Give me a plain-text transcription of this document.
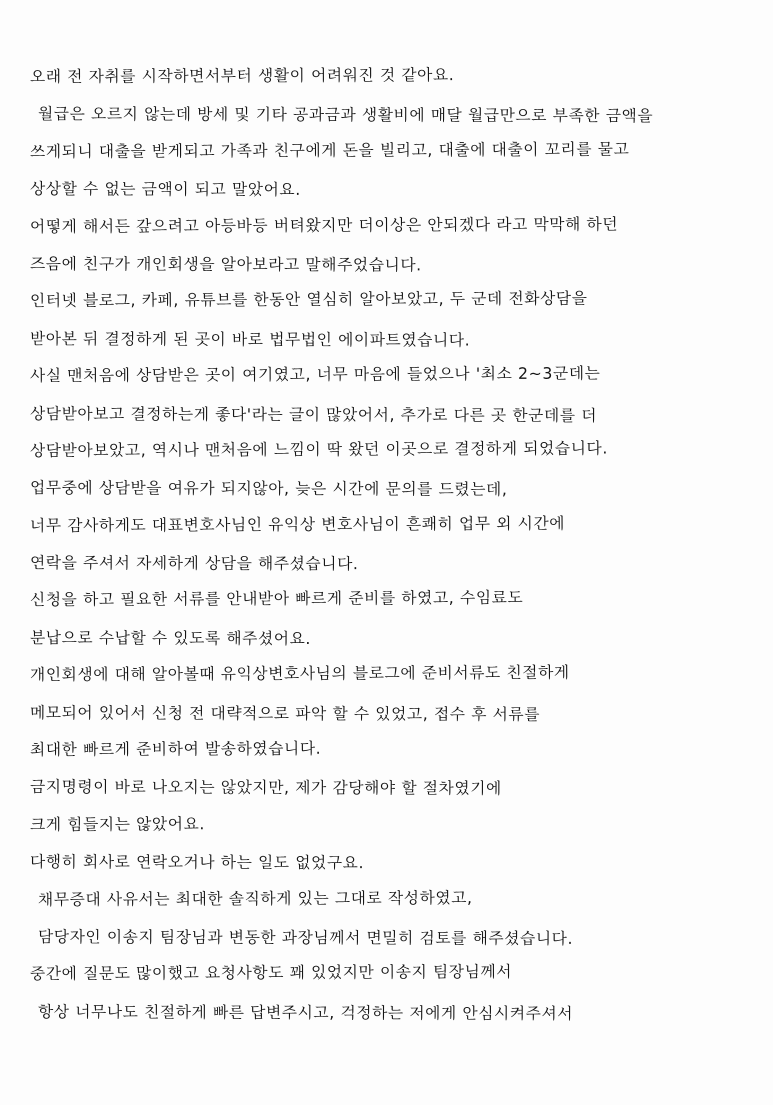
오래 전 자취를 시작하면서부터 생활이 어려워진 것 같아요.
월급은 오르지 않는데 방세 및 기타 공과금과 생활비에 매달 월급만으로 부족한 금액을
쓰게되니 대출을 받게되고 가족과 친구에게 돈을 빌리고, 대출에 대출이 꼬리를 물고
상상할 수 없는 금액이 되고 말았어요.
어떻게 해서든 갚으려고 아등바등 버텨왔지만 더이상은 안되겠다 라고 막막해 하던
즈음에 친구가 개인회생을 알아보라고 말해주었습니다.
인터넷 블로그, 카페, 유튜브를 한동안 열심히 알아보았고, 두 군데 전화상담을
받아본 뒤 결정하게 된 곳이 바로 법무법인 에이파트였습니다.
사실 맨처음에 상담받은 곳이 여기였고, 너무 마음에 들었으나 '최소 2~3군데는
상담받아보고 결정하는게 좋다'라는 글이 많았어서, 추가로 다른 곳 한군데를 더
상담받아보았고, 역시나 맨처음에 느낌이 딱 왔던 이곳으로 결정하게 되었습니다.
업무중에 상담받을 여유가 되지않아, 늦은 시간에 문의를 드렸는데,
너무 감사하게도 대표변호사님인 유익상 변호사님이 흔쾌히 업무 외 시간에
연락을 주셔서 자세하게 상담을 해주셨습니다.
신청을 하고 필요한 서류를 안내받아 빠르게 준비를 하였고, 수임료도
분납으로 수납할 수 있도록 해주셨어요.
개인회생에 대해 알아볼때 유익상변호사님의 블로그에 준비서류도 친절하게
메모되어 있어서 신청 전 대략적으로 파악 할 수 있었고, 접수 후 서류를
최대한 빠르게 준비하여 발송하였습니다.
금지명령이 바로 나오지는 않았지만, 제가 감당해야 할 절차였기에
크게 힘들지는 않았어요.
다행히 회사로 연락오거나 하는 일도 없었구요.
채무증대 사유서는 최대한 솔직하게 있는 그대로 작성하였고,
담당자인 이송지 팀장님과 변동한 과장님께서 면밀히 검토를 해주셨습니다.
중간에 질문도 많이했고 요청사항도 꽤 있었지만 이송지 팀장님께서
항상 너무나도 친절하게 빠른 답변주시고, 걱정하는 저에게 안심시켜주셔서
